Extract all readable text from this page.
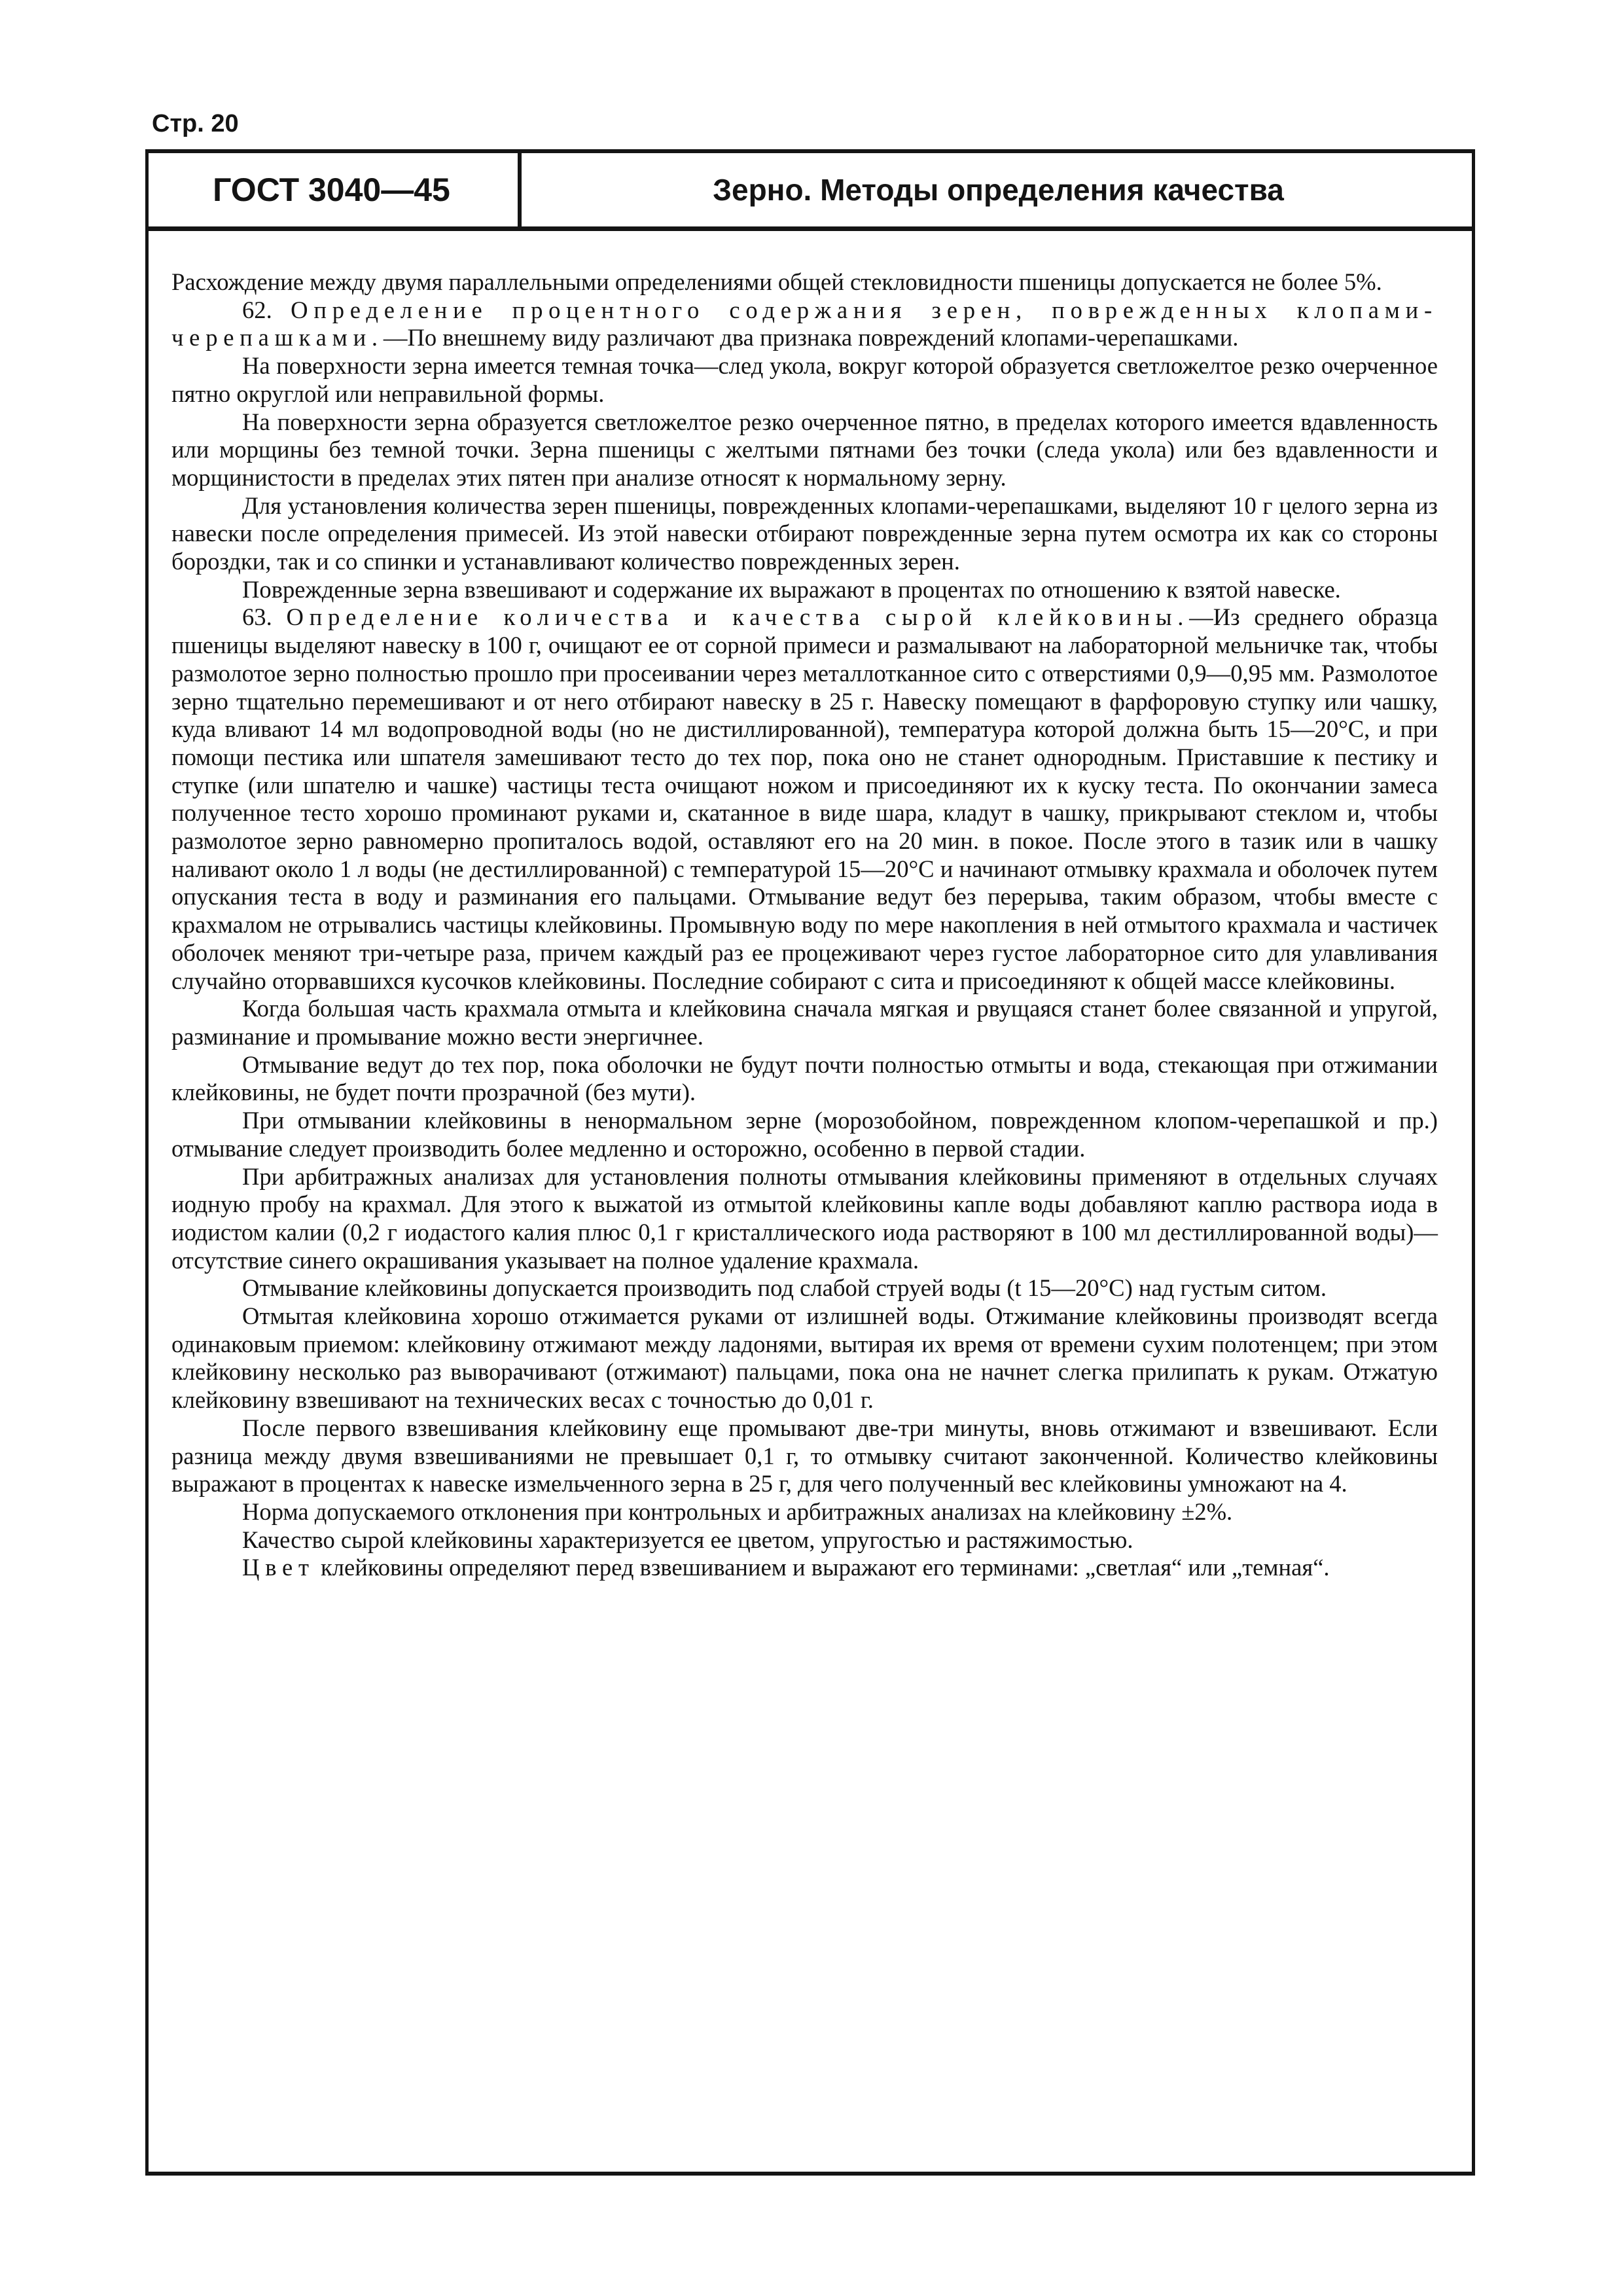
Стр. 20
ГОСТ 3040—45	Зерно. Методы определения качества

Расхождение между двумя параллельными определениями общей стекловидности пшеницы допускается не более 5%.

62. Определение процентного содержания зерен, поврежденных клопами-черепашками.—По внешнему виду различают два признака повреждений клопами-черепашками.

На поверхности зерна имеется темная точка—след укола, вокруг которой образуется светложелтое резко очерченное пятно округлой или неправильной формы.

На поверхности зерна образуется светложелтое резко очерченное пятно, в пределах которого имеется вдавленность или морщины без темной точки. Зерна пшеницы с желтыми пятнами без точки (следа укола) или без вдавленности и морщинистости в пределах этих пятен при анализе относят к нормальному зерну.

Для установления количества зерен пшеницы, поврежденных клопами-черепашками, выделяют 10 г целого зерна из навески после определения примесей. Из этой навески отбирают поврежденные зерна путем осмотра их как со стороны бороздки, так и со спинки и устанавливают количество поврежденных зерен.

Поврежденные зерна взвешивают и содержание их выражают в процентах по отношению к взятой навеске.

63. Определение количества и качества сырой клейковины.—Из среднего образца пшеницы выделяют навеску в 100 г, очищают ее от сорной примеси и размалывают на лабораторной мельничке так, чтобы размолотое зерно полностью прошло при просеивании через металлотканное сито с отверстиями 0,9—0,95 мм. Размолотое зерно тщательно перемешивают и от него отбирают навеску в 25 г. Навеску помещают в фарфоровую ступку или чашку, куда вливают 14 мл водопроводной воды (но не дистиллированной), температура которой должна быть 15—20°С, и при помощи пестика или шпателя замешивают тесто до тех пор, пока оно не станет однородным. Приставшие к пестику и ступке (или шпателю и чашке) частицы теста очищают ножом и присоединяют их к куску теста. По окончании замеса полученное тесто хорошо проминают руками и, скатанное в виде шара, кладут в чашку, прикрывают стеклом и, чтобы размолотое зерно равномерно пропиталось водой, оставляют его на 20 мин. в покое. После этого в тазик или в чашку наливают около 1 л воды (не дестиллированной) с температурой 15—20°С и начинают отмывку крахмала и оболочек путем опускания теста в воду и разминания его пальцами. Отмывание ведут без перерыва, таким образом, чтобы вместе с крахмалом не отрывались частицы клейковины. Промывную воду по мере накопления в ней отмытого крахмала и частичек оболочек меняют три-четыре раза, причем каждый раз ее процеживают через густое лабораторное сито для улавливания случайно оторвавшихся кусочков клейковины. Последние собирают с сита и присоединяют к общей массе клейковины.

Когда большая часть крахмала отмыта и клейковина сначала мягкая и рвущаяся станет более связанной и упругой, разминание и промывание можно вести энергичнее.

Отмывание ведут до тех пор, пока оболочки не будут почти полностью отмыты и вода, стекающая при отжимании клейковины, не будет почти прозрачной (без мути).

При отмывании клейковины в ненормальном зерне (морозобойном, поврежденном клопом-черепашкой и пр.) отмывание следует производить более медленно и осторожно, особенно в первой стадии.

При арбитражных анализах для установления полноты отмывания клейковины применяют в отдельных случаях иодную пробу на крахмал. Для этого к выжатой из отмытой клейковины капле воды добавляют каплю раствора иода в иодистом калии (0,2 г иодастого калия плюс 0,1 г кристаллического иода растворяют в 100 мл дестиллированной воды)—отсутствие синего окрашивания указывает на полное удаление крахмала.

Отмывание клейковины допускается производить под слабой струей воды (t 15—20°С) над густым ситом.

Отмытая клейковина хорошо отжимается руками от излишней воды. Отжимание клейковины производят всегда одинаковым приемом: клейковину отжимают между ладонями, вытирая их время от времени сухим полотенцем; при этом клейковину несколько раз выворачивают (отжимают) пальцами, пока она не начнет слегка прилипать к рукам. Отжатую клейковину взвешивают на технических весах с точностью до 0,01 г.

После первого взвешивания клейковину еще промывают две-три минуты, вновь отжимают и взвешивают. Если разница между двумя взвешиваниями не превышает 0,1 г, то отмывку считают законченной. Количество клейковины выражают в процентах к навеске измельченного зерна в 25 г, для чего полученный вес клейковины умножают на 4.

Норма допускаемого отклонения при контрольных и арбитражных анализах на клейковину ±2%.

Качество сырой клейковины характеризуется ее цветом, упругостью и растяжимостью.

Цвет клейковины определяют перед взвешиванием и выражают его терминами: „светлая“ или „темная“.
